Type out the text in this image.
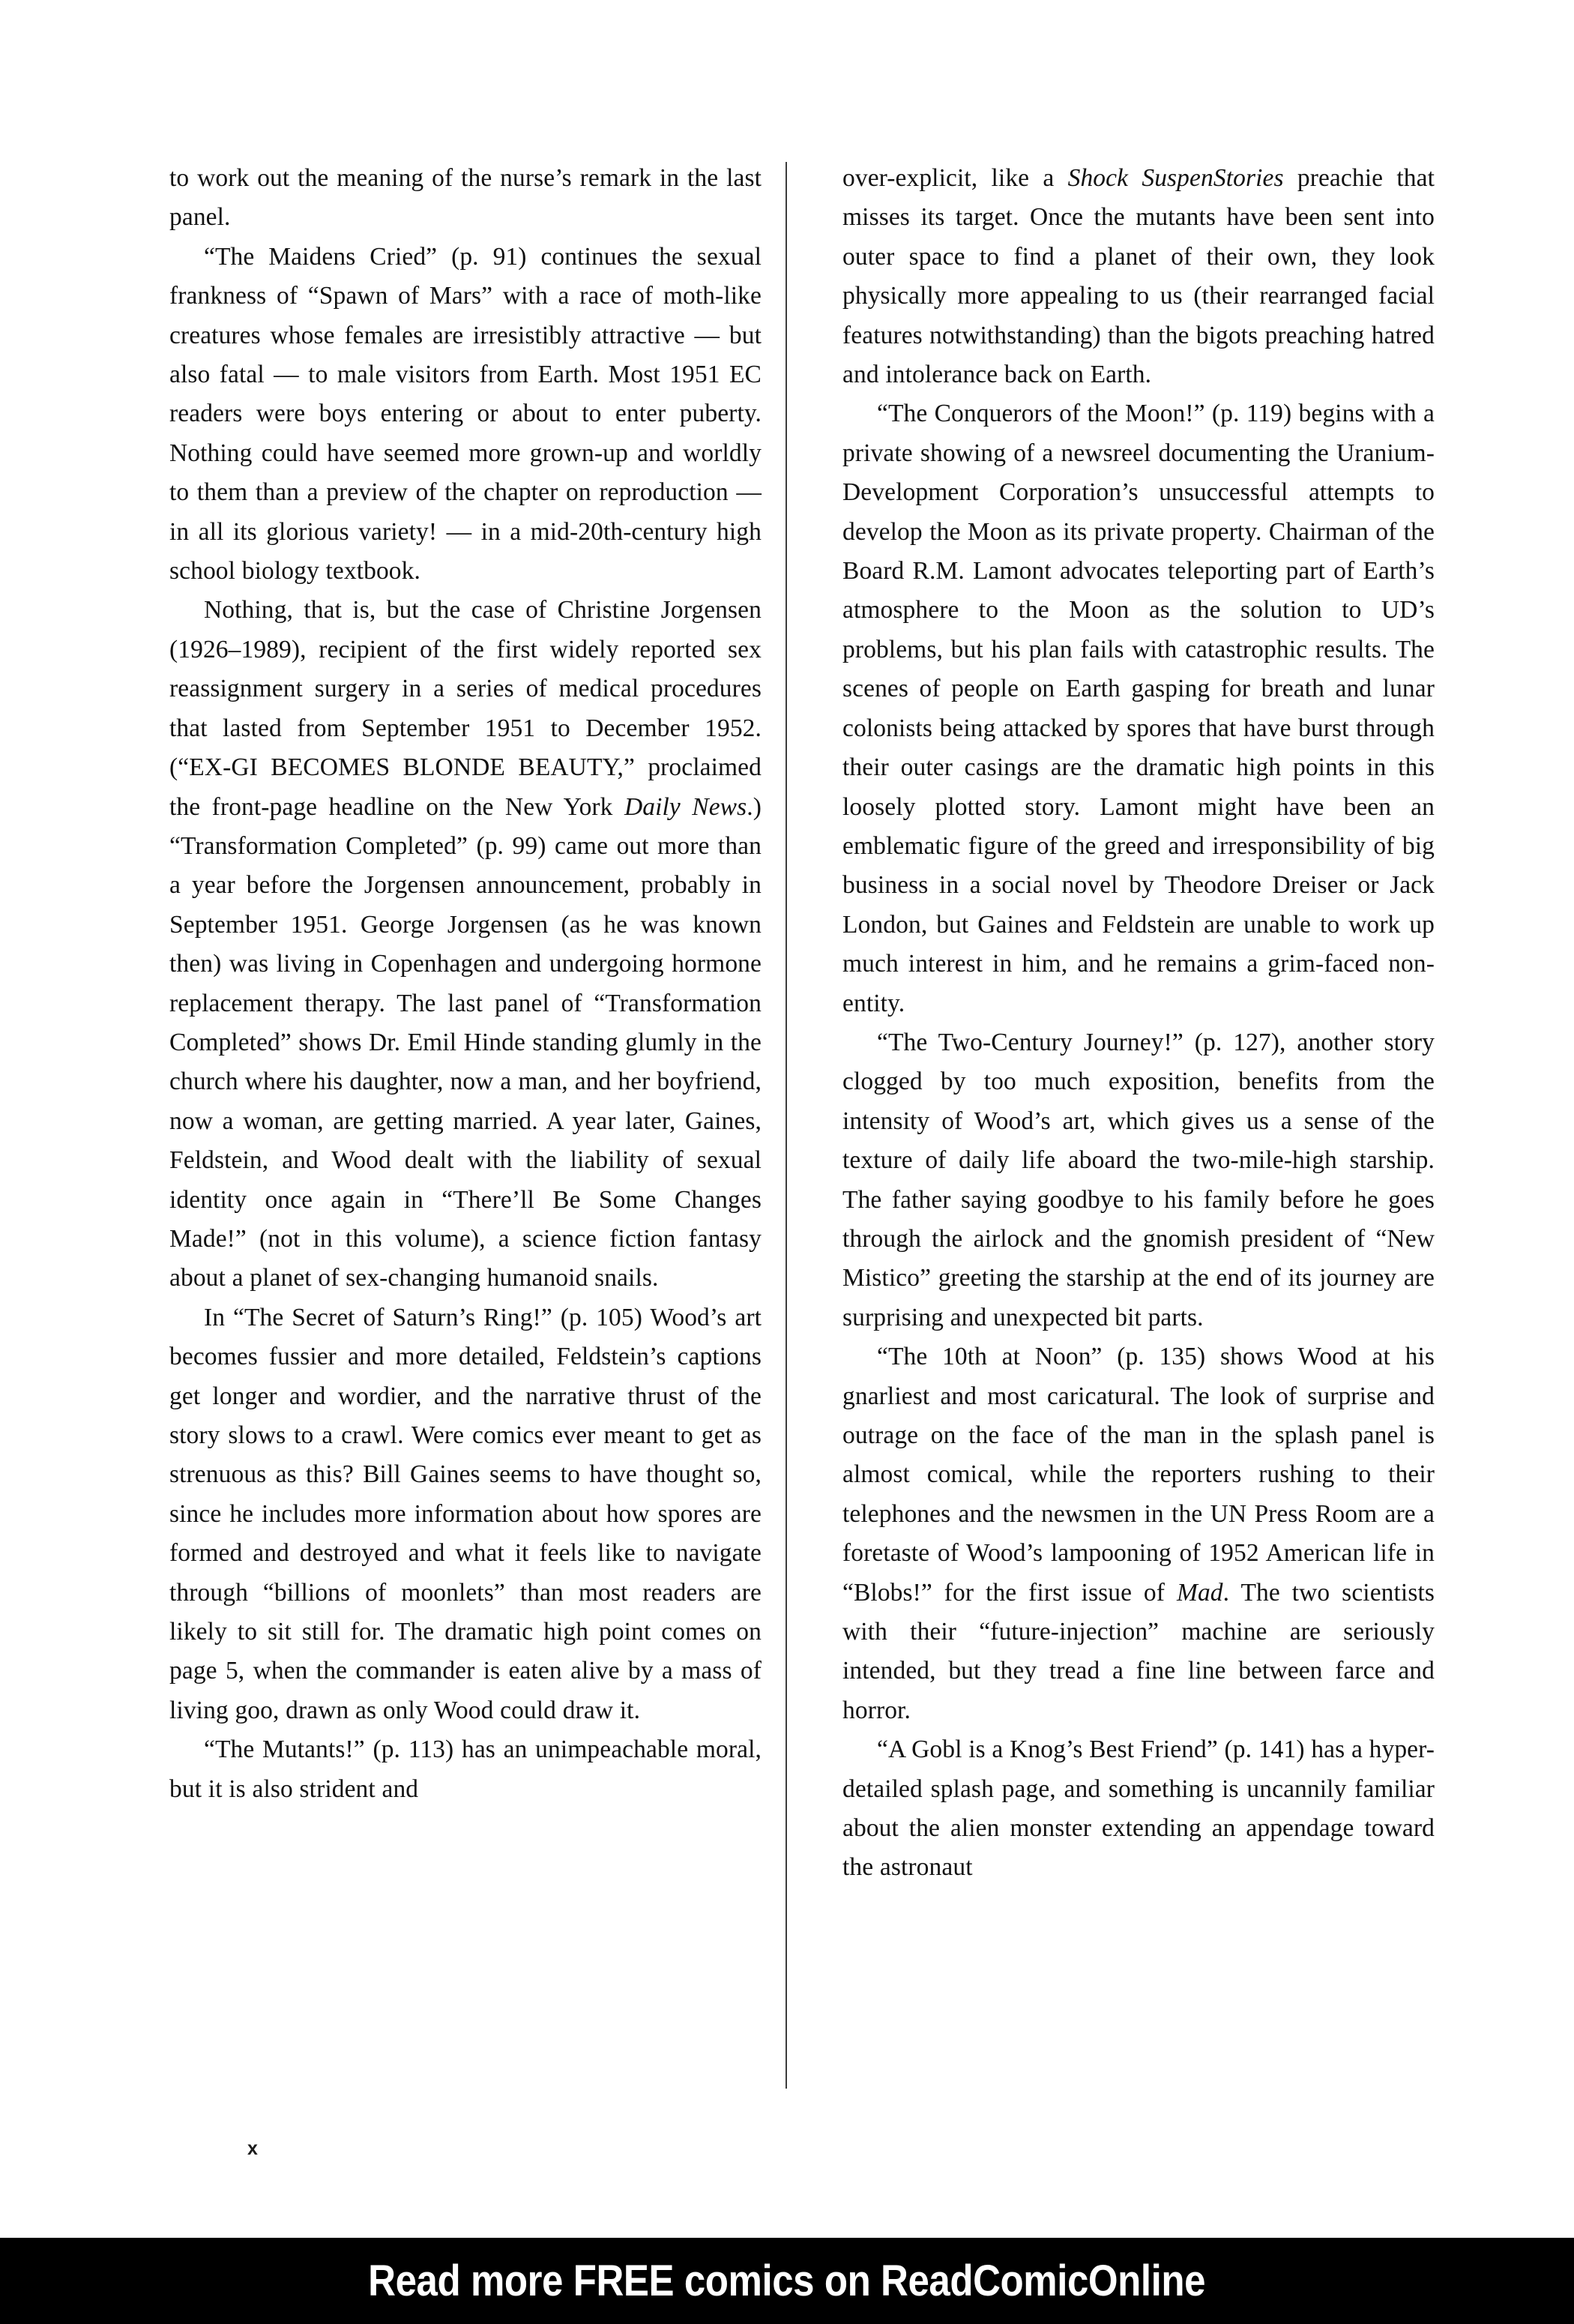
to work out the meaning of the nurse’s remark in the last panel.

“The Maidens Cried” (p. 91) continues the sexual frankness of “Spawn of Mars” with a race of moth-like creatures whose females are irresistibly attractive — but also fatal — to male visitors from Earth. Most 1951 EC readers were boys entering or about to enter puberty. Nothing could have seemed more grown-up and worldly to them than a preview of the chapter on reproduction — in all its glorious variety! — in a mid-20th-century high school biology textbook.

Nothing, that is, but the case of Christine Jorgensen (1926–1989), recipient of the first widely reported sex reassignment surgery in a series of medical procedures that lasted from September 1951 to December 1952. (“EX-GI BECOMES BLONDE BEAUTY,” proclaimed the front-page headline on the New York Daily News.) “Transformation Completed” (p. 99) came out more than a year before the Jorgensen announcement, probably in September 1951. George Jorgensen (as he was known then) was living in Copenhagen and undergoing hormone replacement therapy. The last panel of “Transformation Completed” shows Dr. Emil Hinde standing glumly in the church where his daughter, now a man, and her boyfriend, now a woman, are getting married. A year later, Gaines, Feldstein, and Wood dealt with the liability of sexual identity once again in “There’ll Be Some Changes Made!” (not in this volume), a science fiction fantasy about a planet of sex-changing humanoid snails.

In “The Secret of Saturn’s Ring!” (p. 105) Wood’s art becomes fussier and more detailed, Feldstein’s captions get longer and wordier, and the narrative thrust of the story slows to a crawl. Were comics ever meant to get as strenuous as this? Bill Gaines seems to have thought so, since he includes more information about how spores are formed and destroyed and what it feels like to navigate through “billions of moonlets” than most readers are likely to sit still for. The dramatic high point comes on page 5, when the commander is eaten alive by a mass of living goo, drawn as only Wood could draw it.

“The Mutants!” (p. 113) has an unimpeachable moral, but it is also strident and

over-explicit, like a Shock SuspenStories preachie that misses its target. Once the mutants have been sent into outer space to find a planet of their own, they look physically more appealing to us (their rearranged facial features notwithstanding) than the bigots preaching hatred and intolerance back on Earth.

“The Conquerors of the Moon!” (p. 119) begins with a private showing of a newsreel documenting the Uranium-Development Corporation’s unsuccessful attempts to develop the Moon as its private property. Chairman of the Board R.M. Lamont advocates teleporting part of Earth’s atmosphere to the Moon as the solution to UD’s problems, but his plan fails with catastrophic results. The scenes of people on Earth gasping for breath and lunar colonists being attacked by spores that have burst through their outer casings are the dramatic high points in this loosely plotted story. Lamont might have been an emblematic figure of the greed and irresponsibility of big business in a social novel by Theodore Dreiser or Jack London, but Gaines and Feldstein are unable to work up much interest in him, and he remains a grim-faced non-entity.

“The Two-Century Journey!” (p. 127), another story clogged by too much exposition, benefits from the intensity of Wood’s art, which gives us a sense of the texture of daily life aboard the two-mile-high starship. The father saying goodbye to his family before he goes through the airlock and the gnomish president of “New Mistico” greeting the starship at the end of its journey are surprising and unexpected bit parts.

“The 10th at Noon” (p. 135) shows Wood at his gnarliest and most caricatural. The look of surprise and outrage on the face of the man in the splash panel is almost comical, while the reporters rushing to their telephones and the newsmen in the UN Press Room are a foretaste of Wood’s lampooning of 1952 American life in “Blobs!” for the first issue of Mad. The two scientists with their “future-injection” machine are seriously intended, but they tread a fine line between farce and horror.

“A Gobl is a Knog’s Best Friend” (p. 141) has a hyper-detailed splash page, and something is uncannily familiar about the alien monster extending an appendage toward the astronaut

x
Read more FREE comics on ReadComicOnline
